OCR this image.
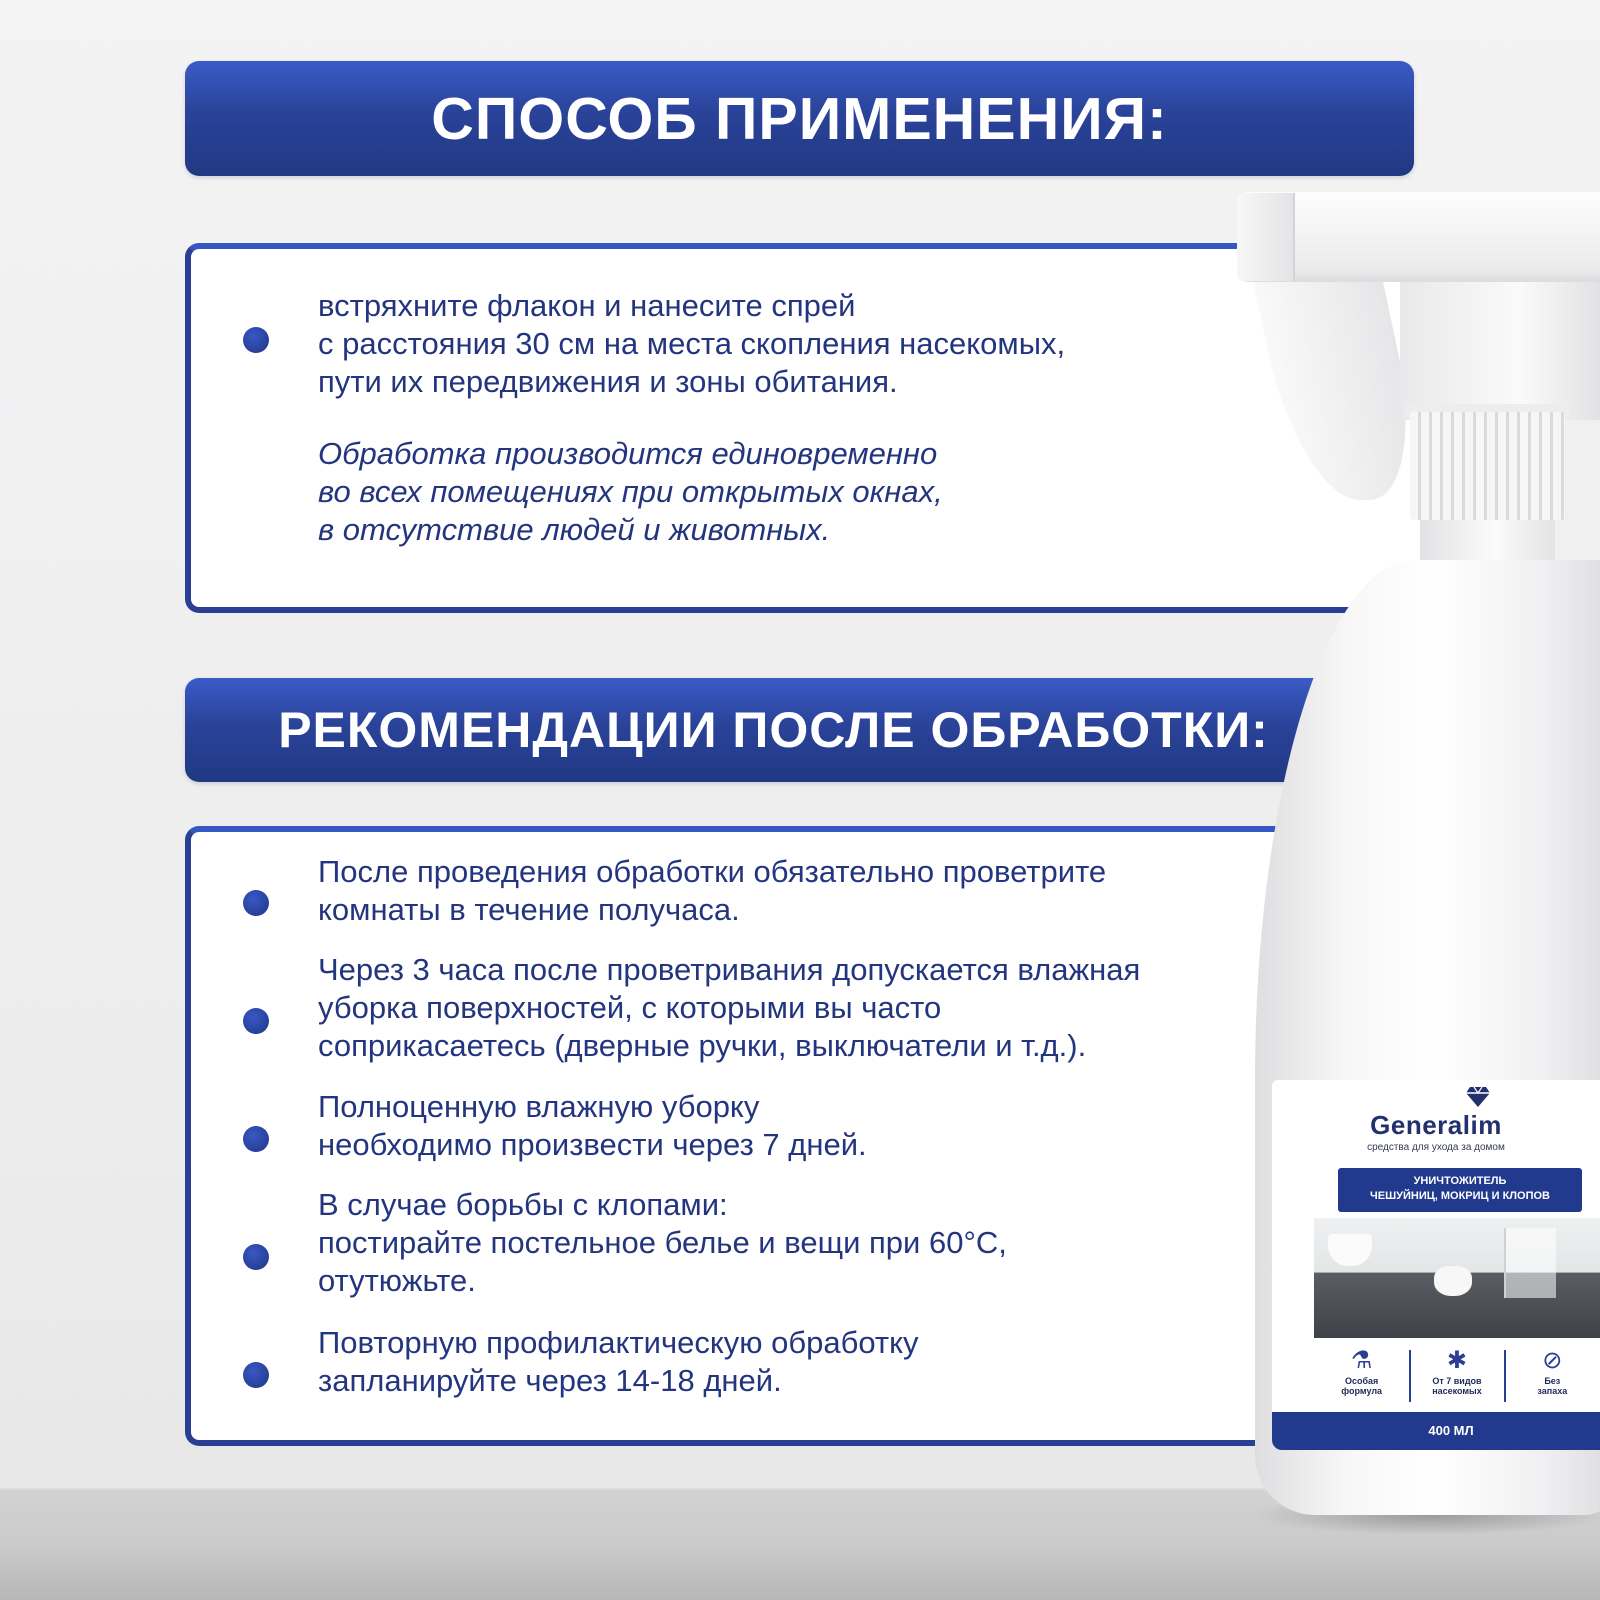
СПОСОБ ПРИМЕНЕНИЯ:
встряхните флакон и нанесите спрей
с расстояния 30 см на места скопления насекомых,
пути их передвижения и зоны обитания.
Обработка производится единовременно
во всех помещениях при открытых окнах,
в отсутствие людей и животных.
РЕКОМЕНДАЦИИ ПОСЛЕ ОБРАБОТКИ:
После проведения обработки обязательно проветрите
комнаты в течение получаса.
Через 3 часа после проветривания допускается влажная
уборка поверхностей, с которыми вы часто
соприкасаетесь (дверные ручки, выключатели и т.д.).
Полноценную влажную уборку
необходимо произвести через 7 дней.
В случае борьбы с клопами:
постирайте постельное белье и вещи при 60°С,
отутюжьте.
Повторную профилактическую обработку
запланируйте через 14-18 дней.
Generalim
средства для ухода за домом
УНИЧТОЖИТЕЛЬ
ЧЕШУЙНИЦ, МОКРИЦ И КЛОПОВ
⚗
Особая
формула
✱
От 7 видов
насекомых
⊘
Без
запаха
400 МЛ
